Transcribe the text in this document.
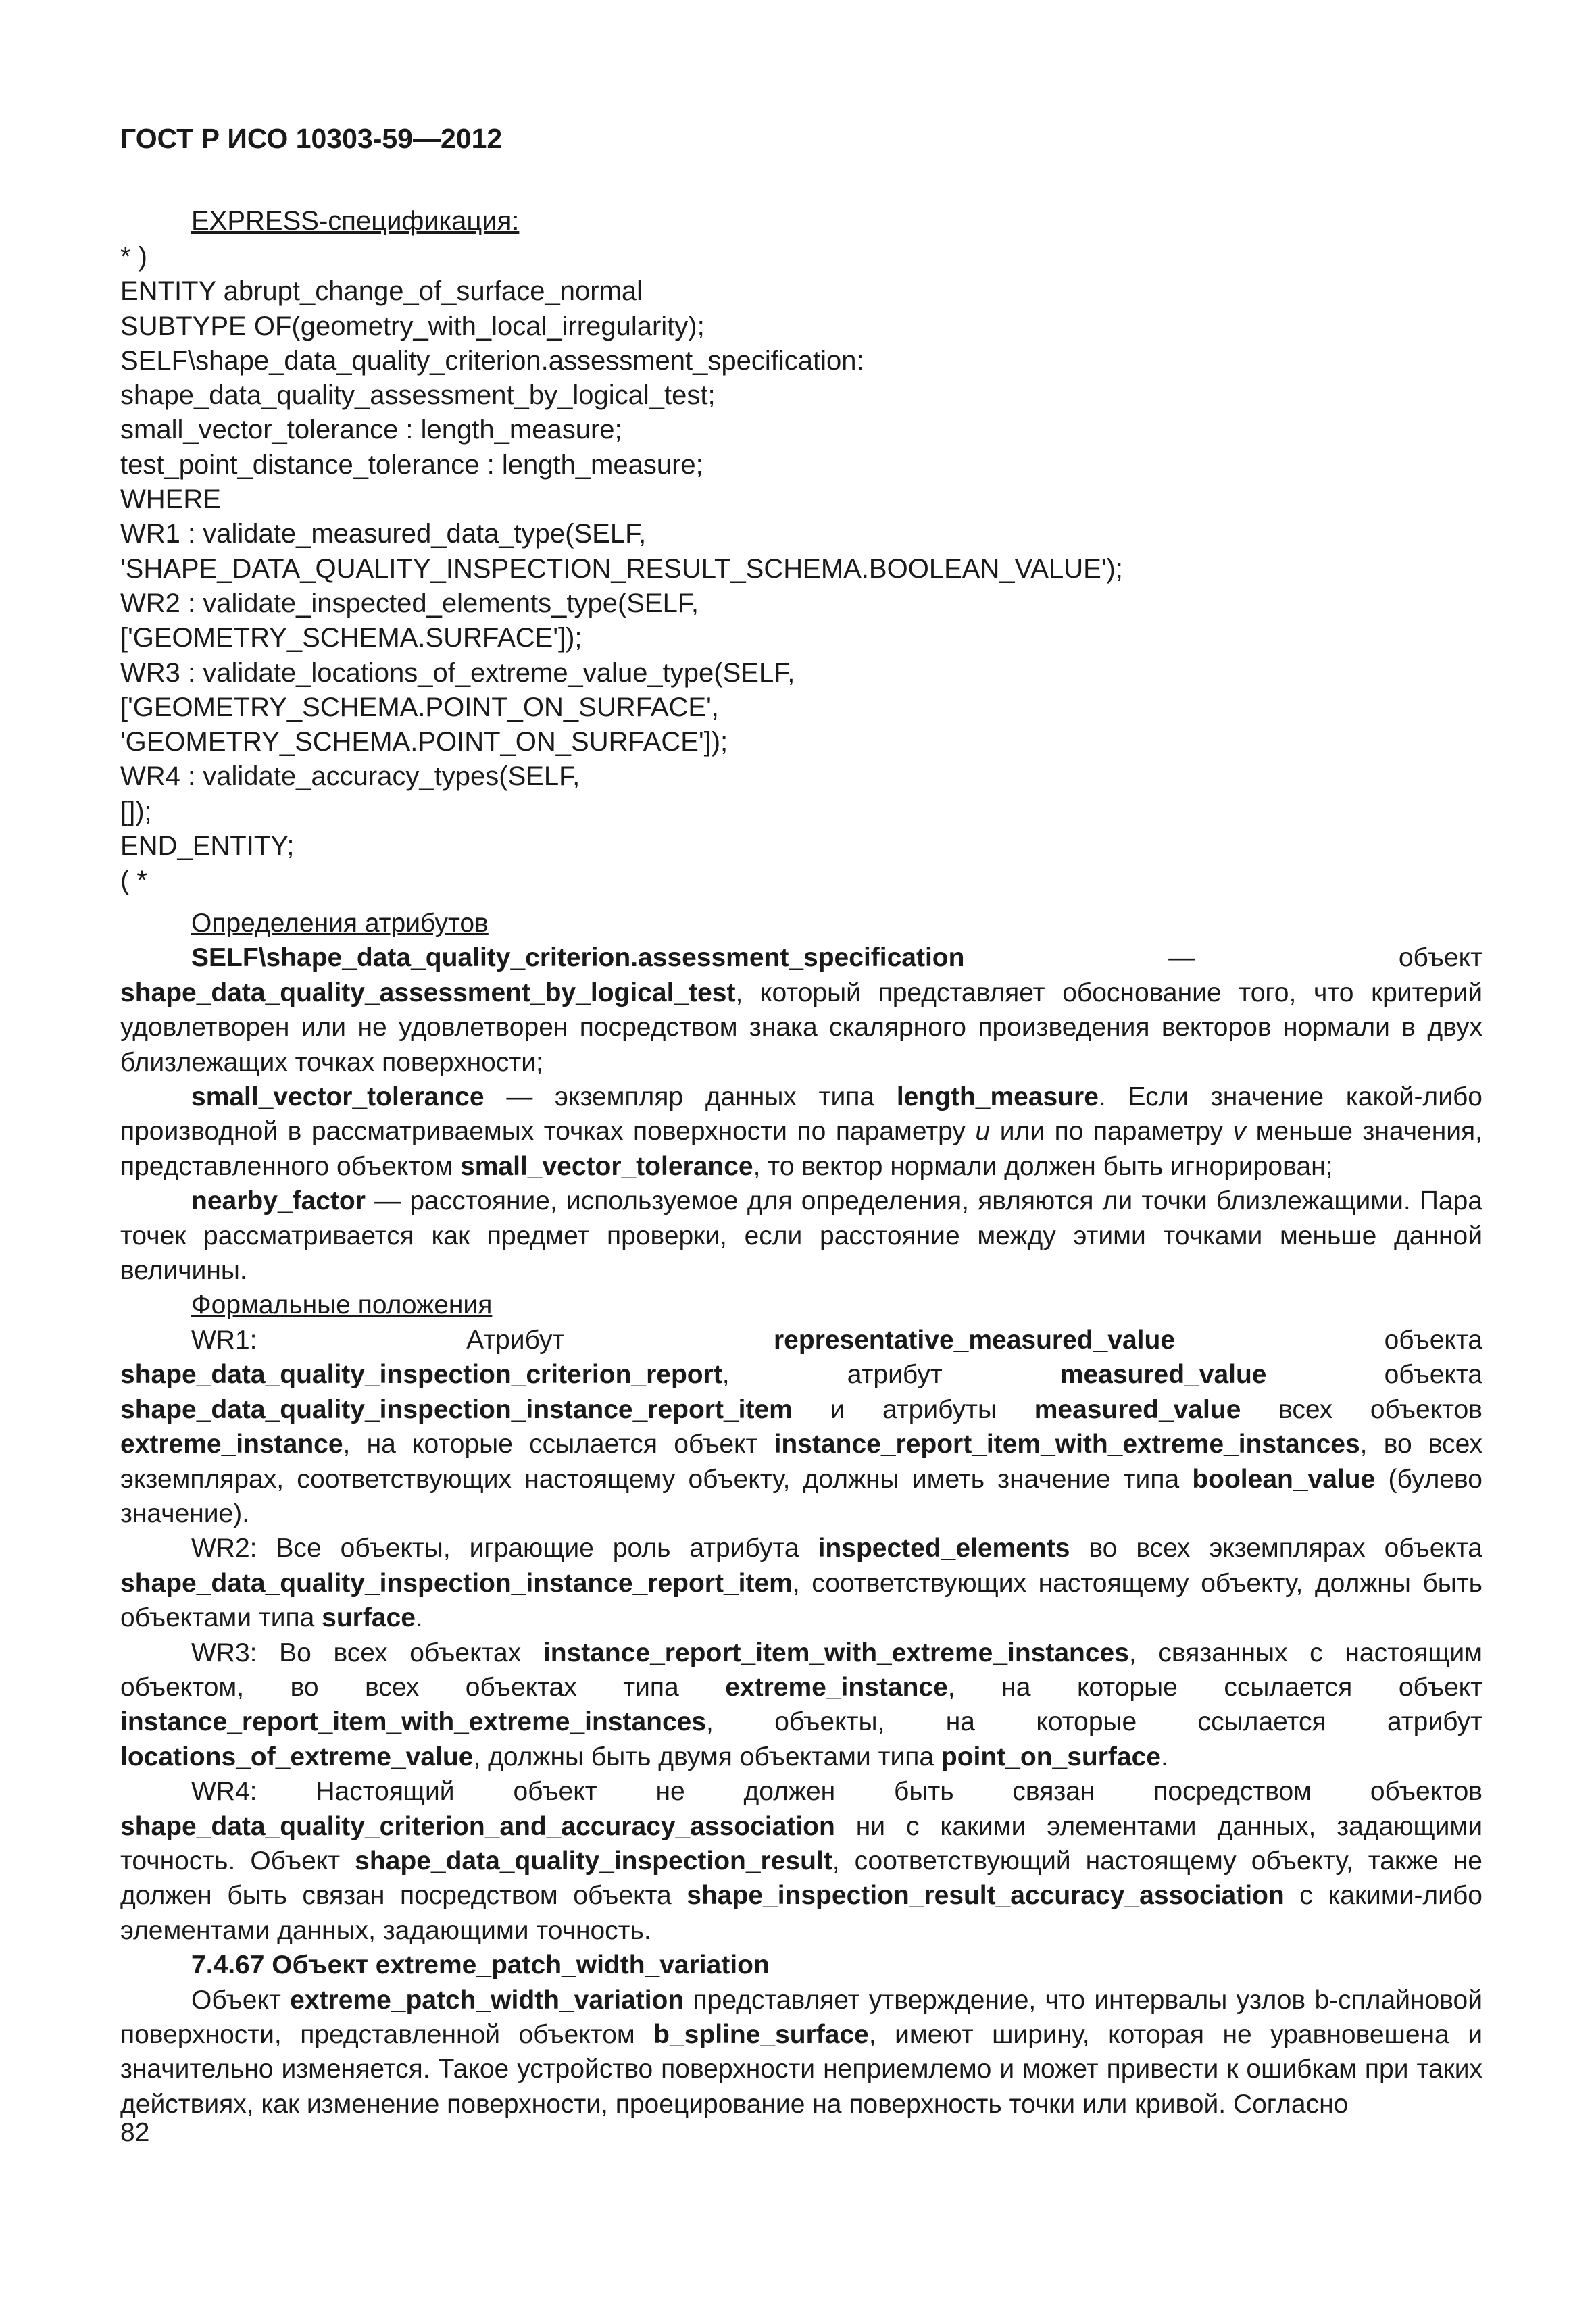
ГОСТ Р ИСО 10303-59—2012
EXPRESS-спецификация:
* )
ENTITY abrupt_change_of_surface_normal
SUBTYPE OF(geometry_with_local_irregularity);
SELF\shape_data_quality_criterion.assessment_specification:
shape_data_quality_assessment_by_logical_test;
small_vector_tolerance : length_measure;
test_point_distance_tolerance : length_measure;
WHERE
WR1 : validate_measured_data_type(SELF,
'SHAPE_DATA_QUALITY_INSPECTION_RESULT_SCHEMA.BOOLEAN_VALUE');
WR2 : validate_inspected_elements_type(SELF,
['GEOMETRY_SCHEMA.SURFACE']);
WR3 : validate_locations_of_extreme_value_type(SELF,
['GEOMETRY_SCHEMA.POINT_ON_SURFACE',
'GEOMETRY_SCHEMA.POINT_ON_SURFACE']);
WR4 : validate_accuracy_types(SELF,
[]);
END_ENTITY;
( *

Определения атрибутов

SELF\shape_data_quality_criterion.assessment_specification — объект shape_data_quality_assessment_by_logical_test, который представляет обоснование того, что критерий удовлетворен или не удовлетворен посредством знака скалярного произведения векторов нормали в двух близлежащих точках поверхности;

small_vector_tolerance — экземпляр данных типа length_measure. Если значение какой-либо производной в рассматриваемых точках поверхности по параметру u или по параметру v меньше значения, представленного объектом small_vector_tolerance, то вектор нормали должен быть игнорирован;

nearby_factor — расстояние, используемое для определения, являются ли точки близлежащими. Пара точек рассматривается как предмет проверки, если расстояние между этими точками меньше данной величины.

Формальные положения

WR1: Атрибут representative_measured_value объекта shape_data_quality_inspection_criterion_report, атрибут measured_value объекта shape_data_quality_inspection_instance_report_item и атрибуты measured_value всех объектов extreme_instance, на которые ссылается объект instance_report_item_with_extreme_instances, во всех экземплярах, соответствующих настоящему объекту, должны иметь значение типа boolean_value (булево значение).

WR2: Все объекты, играющие роль атрибута inspected_elements во всех экземплярах объекта shape_data_quality_inspection_instance_report_item, соответствующих настоящему объекту, должны быть объектами типа surface.

WR3: Во всех объектах instance_report_item_with_extreme_instances, связанных с настоящим объектом, во всех объектах типа extreme_instance, на которые ссылается объект instance_report_item_with_extreme_instances, объекты, на которые ссылается атрибут locations_of_extreme_value, должны быть двумя объектами типа point_on_surface.

WR4: Настоящий объект не должен быть связан посредством объектов shape_data_quality_criterion_and_accuracy_association ни с какими элементами данных, задающими точность. Объект shape_data_quality_inspection_result, соответствующий настоящему объекту, также не должен быть связан посредством объекта shape_inspection_result_accuracy_association с какими-либо элементами данных, задающими точность.

7.4.67 Объект extreme_patch_width_variation

Объект extreme_patch_width_variation представляет утверждение, что интервалы узлов b-сплайновой поверхности, представленной объектом b_spline_surface, имеют ширину, которая не уравновешена и значительно изменяется. Такое устройство поверхности неприемлемо и может привести к ошибкам при таких действиях, как изменение поверхности, проецирование на поверхность точки или кривой. Согласно

82
